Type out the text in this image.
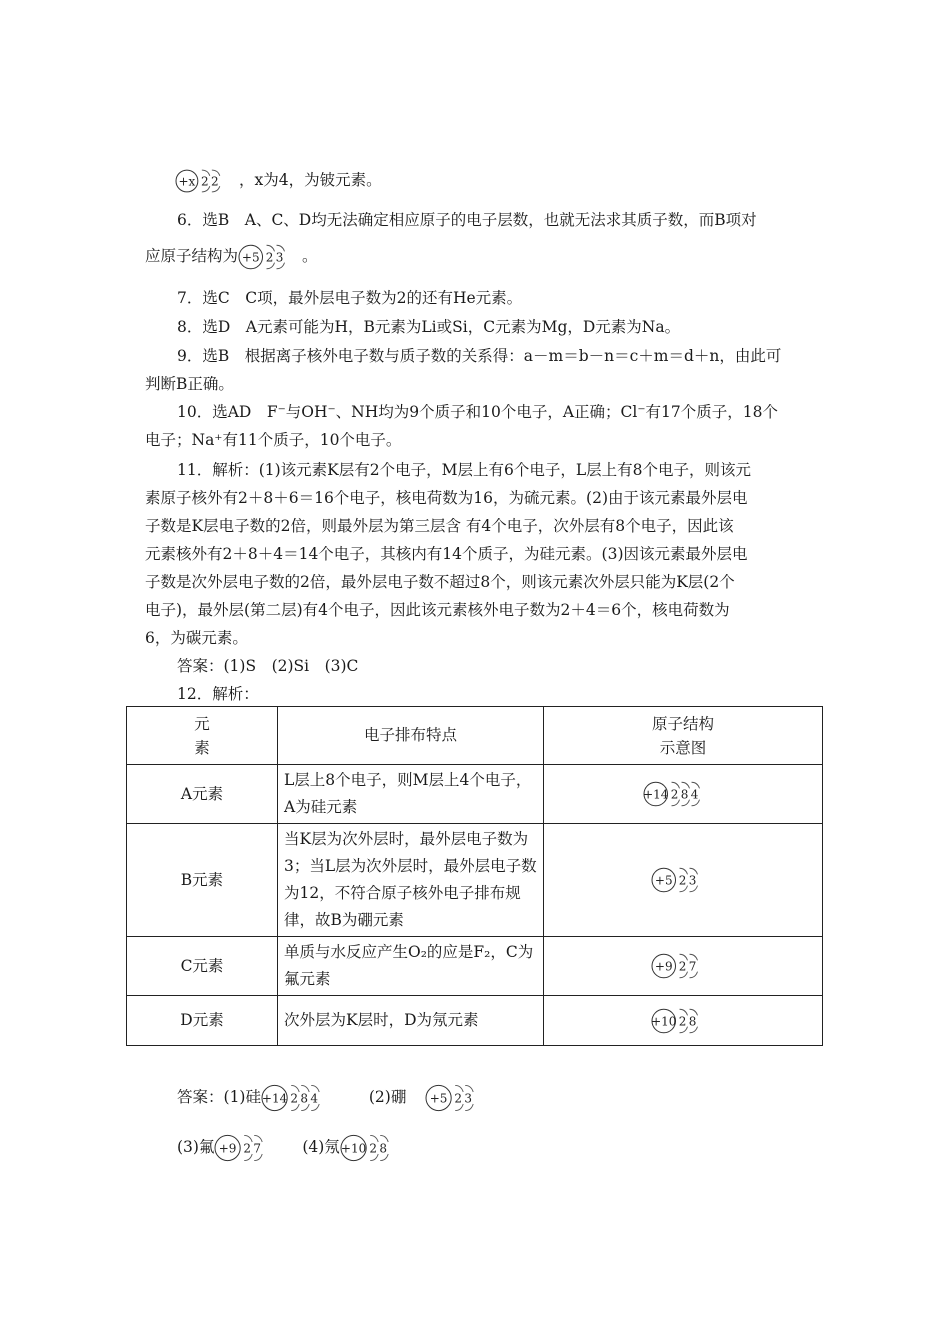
+x 2 2 ，x为4，为铍元素。
6．选B　A、C、D均无法确定相应原子的电子层数，也就无法求其质子数，而B项对
应原子结构为 +5 2 3 。
7．选C　C项，最外层电子数为2的还有He元素。
8．选D　A元素可能为H，B元素为Li或Si，C元素为Mg，D元素为Na。
9．选B　根据离子核外电子数与质子数的关系得：a－m＝b－n＝c＋m＝d＋n，由此可
判断B正确。
10．选AD　F⁻与OH⁻、NH均为9个质子和10个电子，A正确；Cl⁻有17个质子，18个
电子；Na⁺有11个质子，10个电子。
11．解析：(1)该元素K层有2个电子，M层上有6个电子，L层上有8个电子，则该元
素原子核外有2＋8＋6＝16个电子，核电荷数为16，为硫元素。(2)由于该元素最外层电
子数是K层电子数的2倍，则最外层为第三层含 有4个电子，次外层有8个电子，因此该
元素核外有2＋8＋4＝14个电子，其核内有14个质子，为硅元素。(3)因该元素最外层电
子数是次外层电子数的2倍，最外层电子数不超过8个，则该元素次外层只能为K层(2个
电子)，最外层(第二层)有4个电子，因此该元素核外电子数为2＋4＝6个，核电荷数为
6，为碳元素。
答案：(1)S　(2)Si　(3)C
12．解析：
元
素	电子排布特点	原子结构
示意图
A元素	L层上8个电子，则M层上4个电子，A为硅元素	+14 2 8 4

B元素	当K层为次外层时，最外层电子数为3；当L层为次外层时，最外层电子数为12，不符合原子核外电子排布规律，故B为硼元素	+5 2 3

C元素	单质与水反应产生O₂的应是F₂，C为氟元素	+9 2 7

D元素	次外层为K层时，D为氖元素	+10 2 8
答案：(1)硅 +14 2 8 4	(2)硼 +5 2 3
(3)氟 +9 2 7	(4)氖 +10 2 8
